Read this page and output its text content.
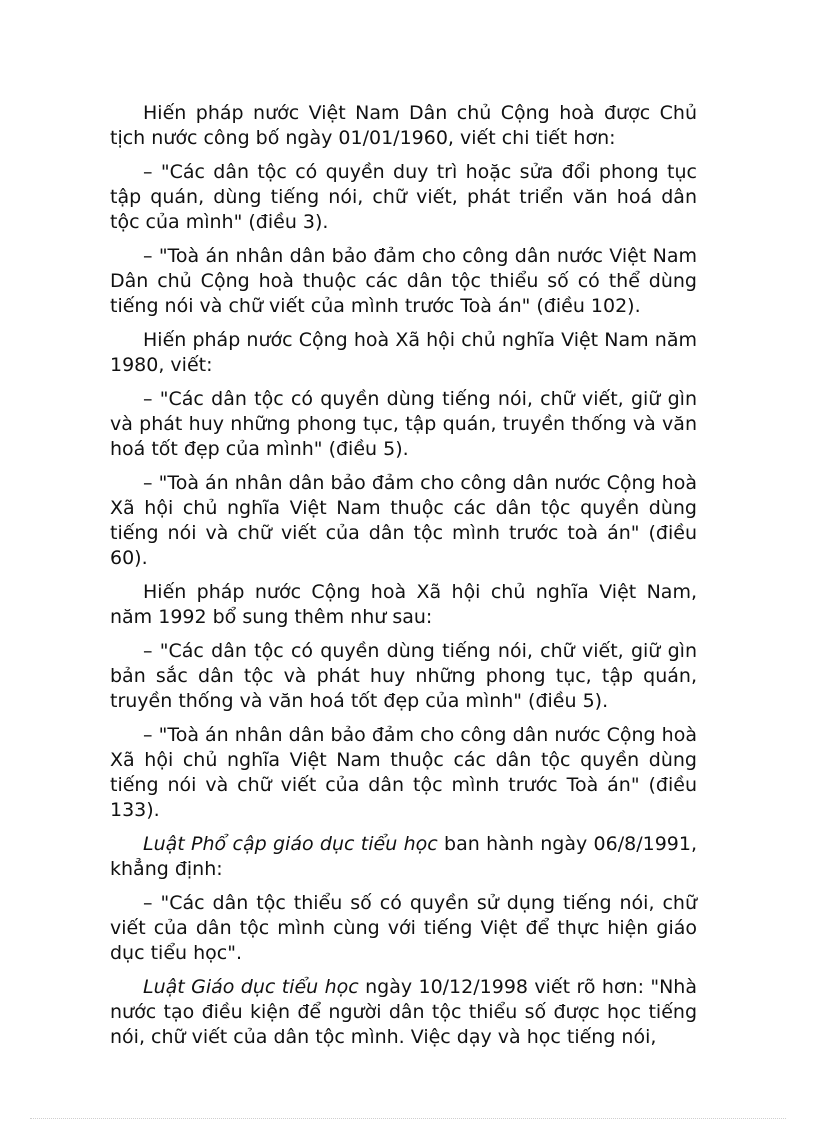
Hiến pháp nước Việt Nam Dân chủ Cộng hoà được Chủ tịch nước công bố ngày 01/01/1960, viết chi tiết hơn:

– "Các dân tộc có quyền duy trì hoặc sửa đổi phong tục tập quán, dùng tiếng nói, chữ viết, phát triển văn hoá dân tộc của mình" (điều 3).

– "Toà án nhân dân bảo đảm cho công dân nước Việt Nam Dân chủ Cộng hoà thuộc các dân tộc thiểu số có thể dùng tiếng nói và chữ viết của mình trước Toà án" (điều 102).

Hiến pháp nước Cộng hoà Xã hội chủ nghĩa Việt Nam năm 1980, viết:

– "Các dân tộc có quyền dùng tiếng nói, chữ viết, giữ gìn và phát huy những phong tục, tập quán, truyền thống và văn hoá tốt đẹp của mình" (điều 5).

– "Toà án nhân dân bảo đảm cho công dân nước Cộng hoà Xã hội chủ nghĩa Việt Nam thuộc các dân tộc quyền dùng tiếng nói và chữ viết của dân tộc mình trước toà án" (điều 60).

Hiến pháp nước Cộng hoà Xã hội chủ nghĩa Việt Nam, năm 1992 bổ sung thêm như sau:

– "Các dân tộc có quyền dùng tiếng nói, chữ viết, giữ gìn bản sắc dân tộc và phát huy những phong tục, tập quán, truyền thống và văn hoá tốt đẹp của mình" (điều 5).

– "Toà án nhân dân bảo đảm cho công dân nước Cộng hoà Xã hội chủ nghĩa Việt Nam thuộc các dân tộc quyền dùng tiếng nói và chữ viết của dân tộc mình trước Toà án" (điều 133).

Luật Phổ cập giáo dục tiểu học ban hành ngày 06/8/1991, khẳng định:

– "Các dân tộc thiểu số có quyền sử dụng tiếng nói, chữ viết của dân tộc mình cùng với tiếng Việt để thực hiện giáo dục tiểu học".

Luật Giáo dục tiểu học ngày 10/12/1998 viết rõ hơn: "Nhà nước tạo điều kiện để người dân tộc thiểu số được học tiếng nói, chữ viết của dân tộc mình. Việc dạy và học tiếng nói,
